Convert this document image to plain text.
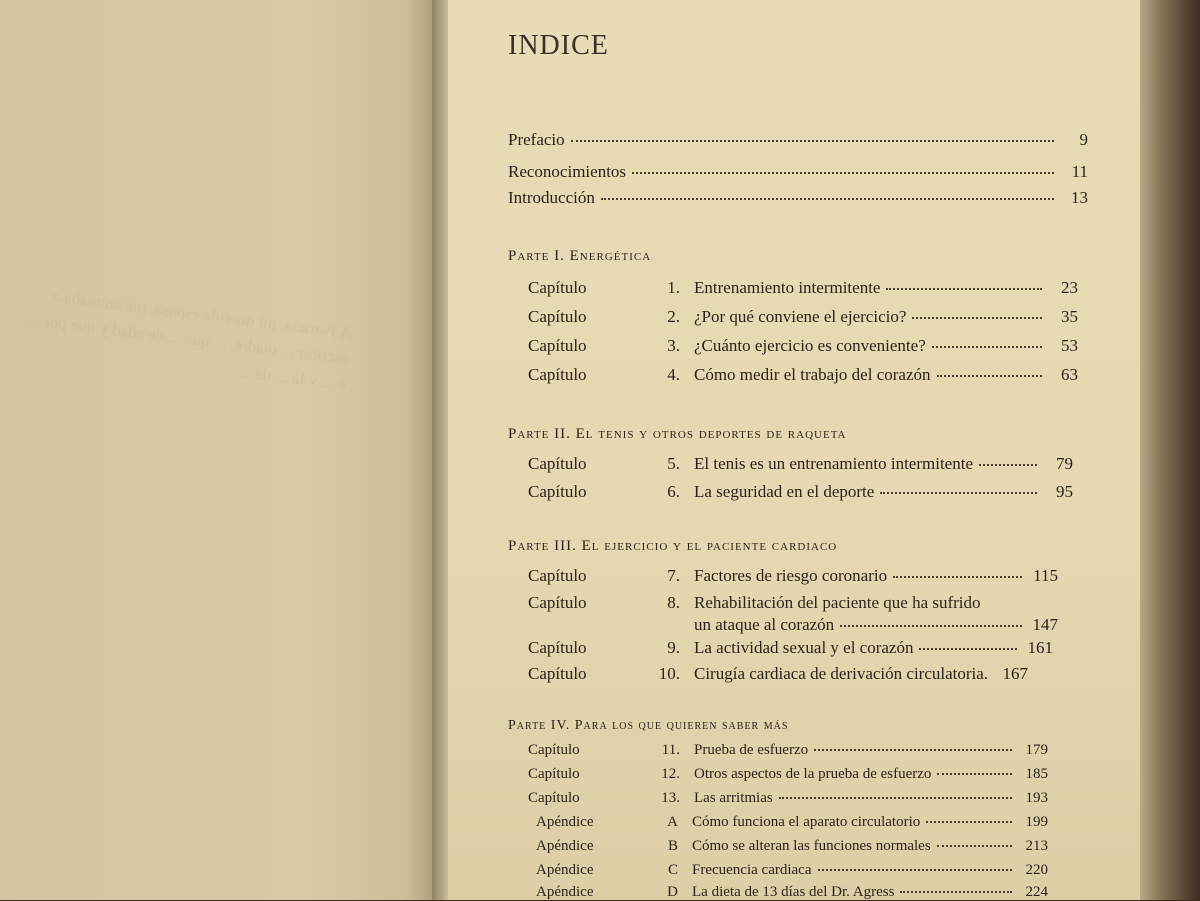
A Patricia, mi querida esposa, me animaba a escribir ... madre, ... que ... de edad y que por ... e ... y la ... de ...
INDICE
Prefacio	9
Reconocimientos	11
Introducción	13
Parte I. Energética
Capítulo	1. Entrenamiento intermitente	23
Capítulo	2. ¿Por qué conviene el ejercicio?	35
Capítulo	3. ¿Cuánto ejercicio es conveniente?	53
Capítulo	4. Cómo medir el trabajo del corazón	63
Parte II. El tenis y otros deportes de raqueta
Capítulo	5. El tenis es un entrenamiento intermitente	79
Capítulo	6. La seguridad en el deporte	95
Parte III. El ejercicio y el paciente cardiaco
Capítulo	7. Factores de riesgo coronario	115
Capítulo	8. Rehabilitación del paciente que ha sufrido
un ataque al corazón	147
Capítulo	9. La actividad sexual y el corazón	161
Capítulo	10. Cirugía cardiaca de derivación circulatoria. 167
Parte IV. Para los que quieren saber más
Capítulo	11. Prueba de esfuerzo	179
Capítulo	12. Otros aspectos de la prueba de esfuerzo	185
Capítulo	13. Las arritmias	193
Apéndice	A Cómo funciona el aparato circulatorio	199
Apéndice	B Cómo se alteran las funciones normales	213
Apéndice	C Frecuencia cardiaca	220
Apéndice	D La dieta de 13 días del Dr. Agress	224
